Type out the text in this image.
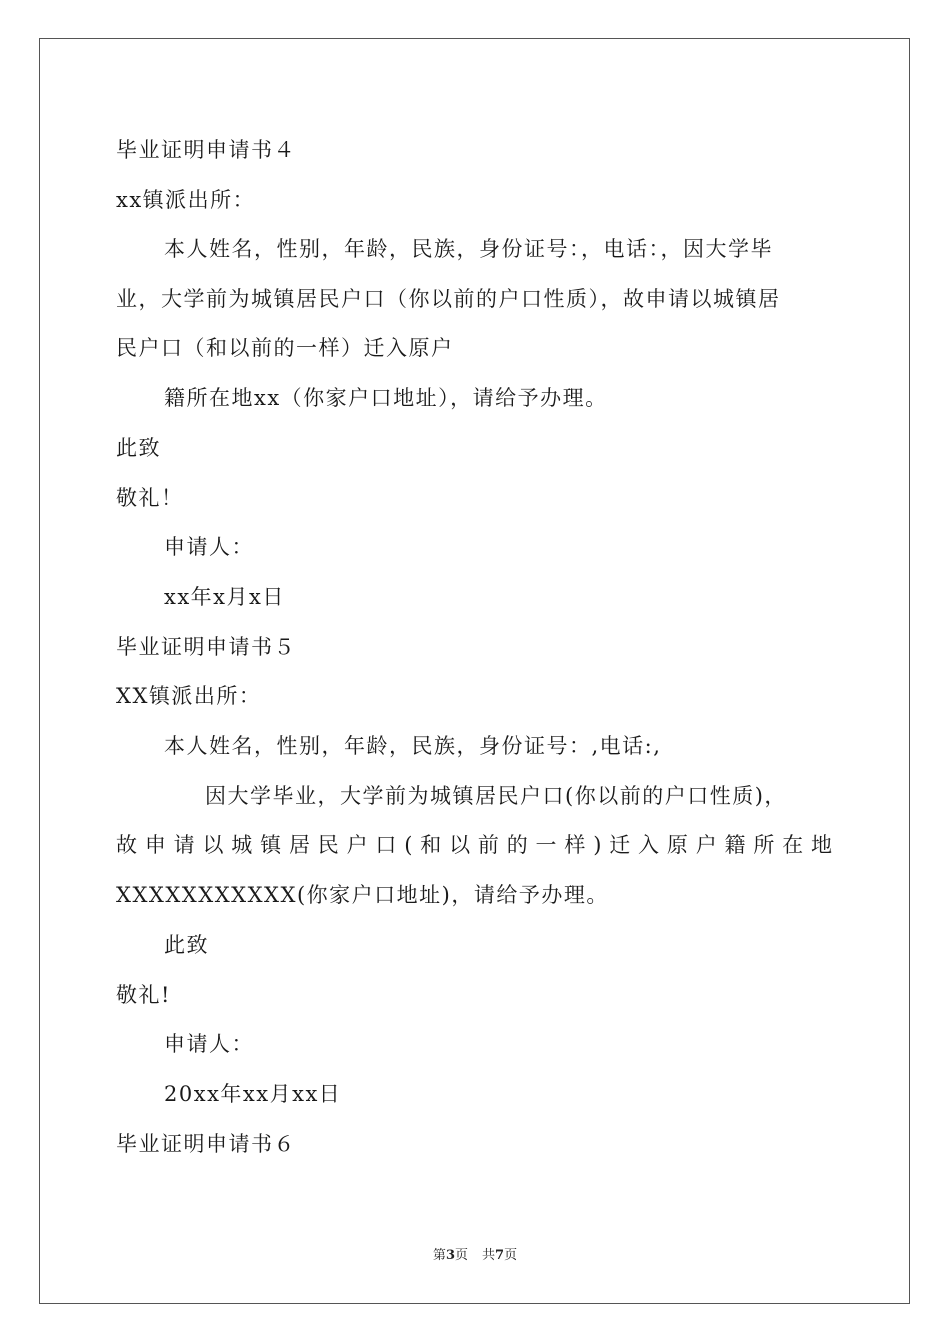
毕业证明申请书４
xx镇派出所：
本人姓名，性别，年龄，民族，身份证号：，电话：，因大学毕
业，大学前为城镇居民户口（你以前的户口性质），故申请以城镇居
民户口（和以前的一样）迁入原户
籍所在地xx（你家户口地址），请给予办理。
此致
敬礼！
申请人：
xx年x月x日
毕业证明申请书５
XX镇派出所：
本人姓名，性别，年龄，民族，身份证号：,电话:,
因大学毕业，大学前为城镇居民户口(你以前的户口性质)，
故申请以城镇居民户口(和以前的一样)迁入原户籍所在地
XXXXXXXXXXX(你家户口地址)，请给予办理。
此致
敬礼!
申请人：
20xx年xx月xx日
毕业证明申请书６
第3页 共7页
